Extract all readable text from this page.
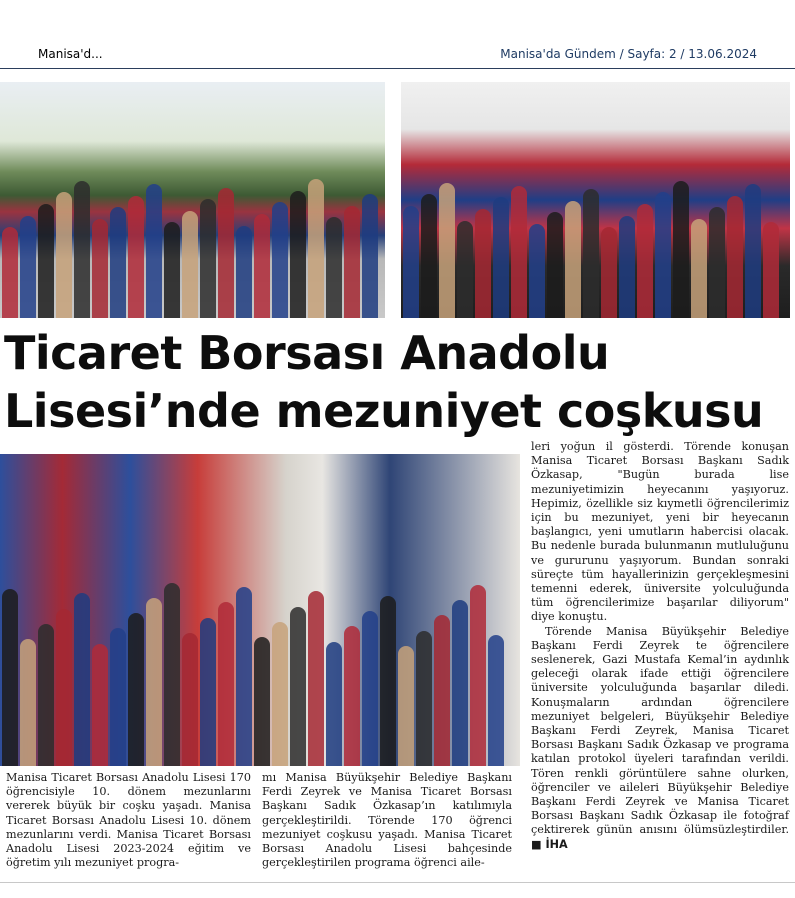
Manisa'd...	Manisa'da Gündem / Sayfa: 2 / 13.06.2024
Ticaret Borsası Anadolu
Lisesi’nde mezuniyet coşkusu

leri yoğun il gösterdi. Törende konuşan Manisa Ticaret Borsası Başkanı Sadık Özkasap, "Bugün burada lise mezuniyetimizin heyecanını yaşıyoruz. Hepimiz, özellikle siz kıymetli öğrencilerimiz için bu mezuniyet, yeni bir heyecanın başlangıcı, yeni umutların habercisi olacak. Bu nedenle burada bulunmanın mutluluğunu ve gururunu yaşıyorum. Bundan sonraki süreçte tüm hayallerinizin gerçekleşmesini temenni ederek, üniversite yolculuğunda tüm öğrencilerimize başarılar diliyorum" diye konuştu.

Törende Manisa Büyükşehir Belediye Başkanı Ferdi Zeyrek te öğrencilere seslenerek, Gazi Mustafa Kemal’in aydınlık geleceği olarak ifade ettiği öğrencilere üniversite yolculuğunda başarılar diledi. Konuşmaların ardından öğrencilere mezuniyet belgeleri, Büyükşehir Belediye Başkanı Ferdi Zeyrek, Manisa Ticaret Borsası Başkanı Sadık Özkasap ve programa katılan protokol üyeleri tarafından verildi. Tören renkli görüntülere sahne olurken, öğrenciler ve aileleri Büyükşehir Belediye Başkanı Ferdi Zeyrek ve Manisa Ticaret Borsası Başkanı Sadık Özkasap ile fotoğraf çektirerek günün anısını ölümsüzleştirdiler. ■ İHA

Manisa Ticaret Borsası Anadolu Lisesi 170 öğrencisiyle 10. dönem mezunlarını vererek büyük bir coşku yaşadı. Manisa Ticaret Borsası Anadolu Lisesi 10. dönem mezunlarını verdi. Manisa Ticaret Borsası Anadolu Lisesi 2023-2024 eğitim ve öğretim yılı mezuniyet progra-

mı Manisa Büyükşehir Belediye Başkanı Ferdi Zeyrek ve Manisa Ticaret Borsası Başkanı Sadık Özkasap’ın katılımıyla gerçekleştirildi. Törende 170 öğrenci mezuniyet coşkusu yaşadı. Manisa Ticaret Borsası Anadolu Lisesi bahçesinde gerçekleştirilen programa öğrenci aile-
